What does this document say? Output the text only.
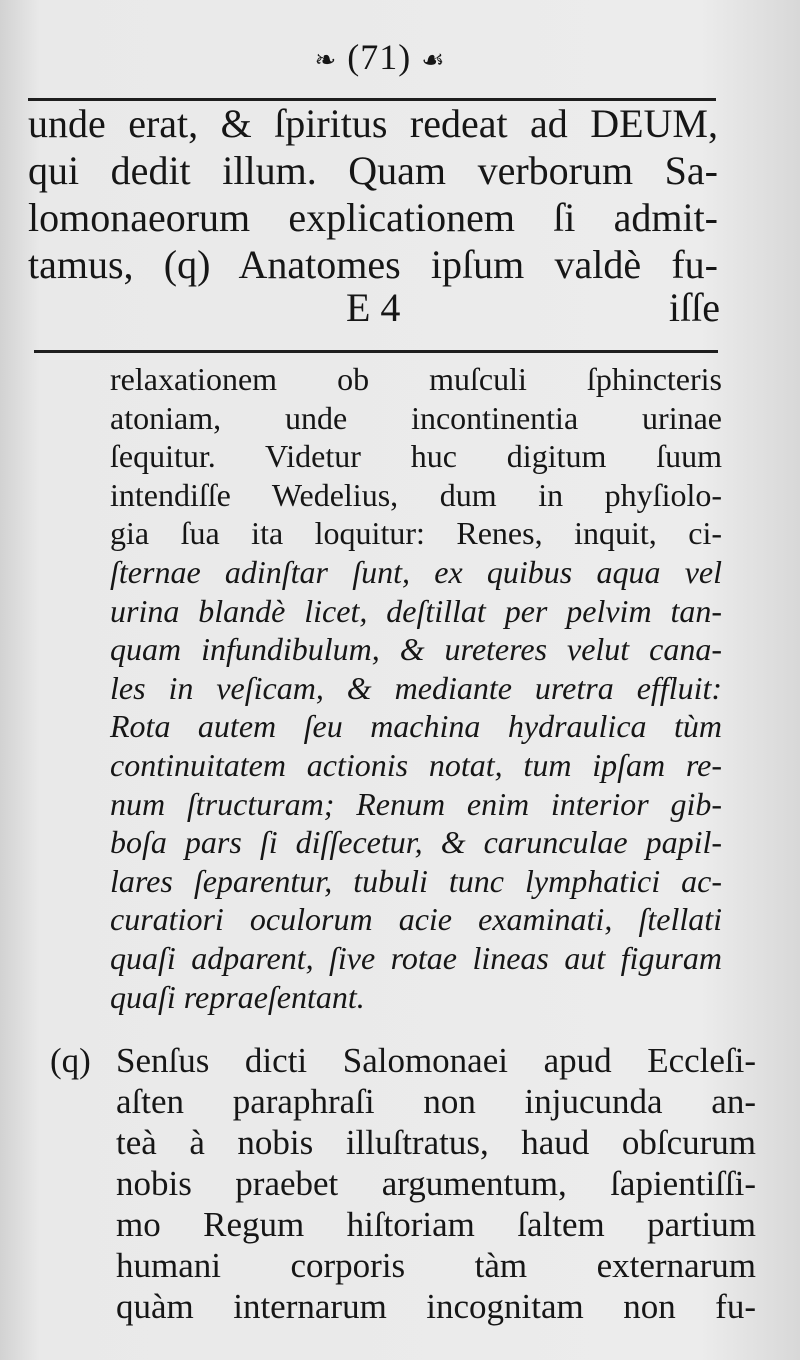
❧ (71) ☙
unde erat, & ſpiritus redeat ad DEUM,
qui dedit illum. Quam verborum Sa-
lomonaeorum explicationem ſi admit-
tamus, (q) Anatomes ipſum valdè fu-
E 4	iſſe
relaxationem ob muſculi ſphincteris
atoniam, unde incontinentia urinae
ſequitur. Videtur huc digitum ſuum
intendiſſe Wedelius, dum in phyſiolo-
gia ſua ita loquitur: Renes, inquit, ci-
ſternae adinſtar ſunt, ex quibus aqua vel
urina blandè licet, deſtillat per pelvim tan-
quam infundibulum, & ureteres velut cana-
les in veſicam, & mediante uretra effluit:
Rota autem ſeu machina hydraulica tùm
continuitatem actionis notat, tum ipſam re-
num ſtructuram; Renum enim interior gib-
boſa pars ſi diſſecetur, & carunculae papil-
lares ſeparentur, tubuli tunc lymphatici ac-
curatiori oculorum acie examinati, ſtellati
quaſi adparent, ſive rotae lineas aut figuram
quaſi repraeſentant.
(q) Senſus dicti Salomonaei apud Eccleſi-
aſten paraphraſi non injucunda an-
teà à nobis illuſtratus, haud obſcurum
nobis praebet argumentum, ſapientiſſi-
mo Regum hiſtoriam ſaltem partium
humani corporis tàm externarum
quàm internarum incognitam non fu-
